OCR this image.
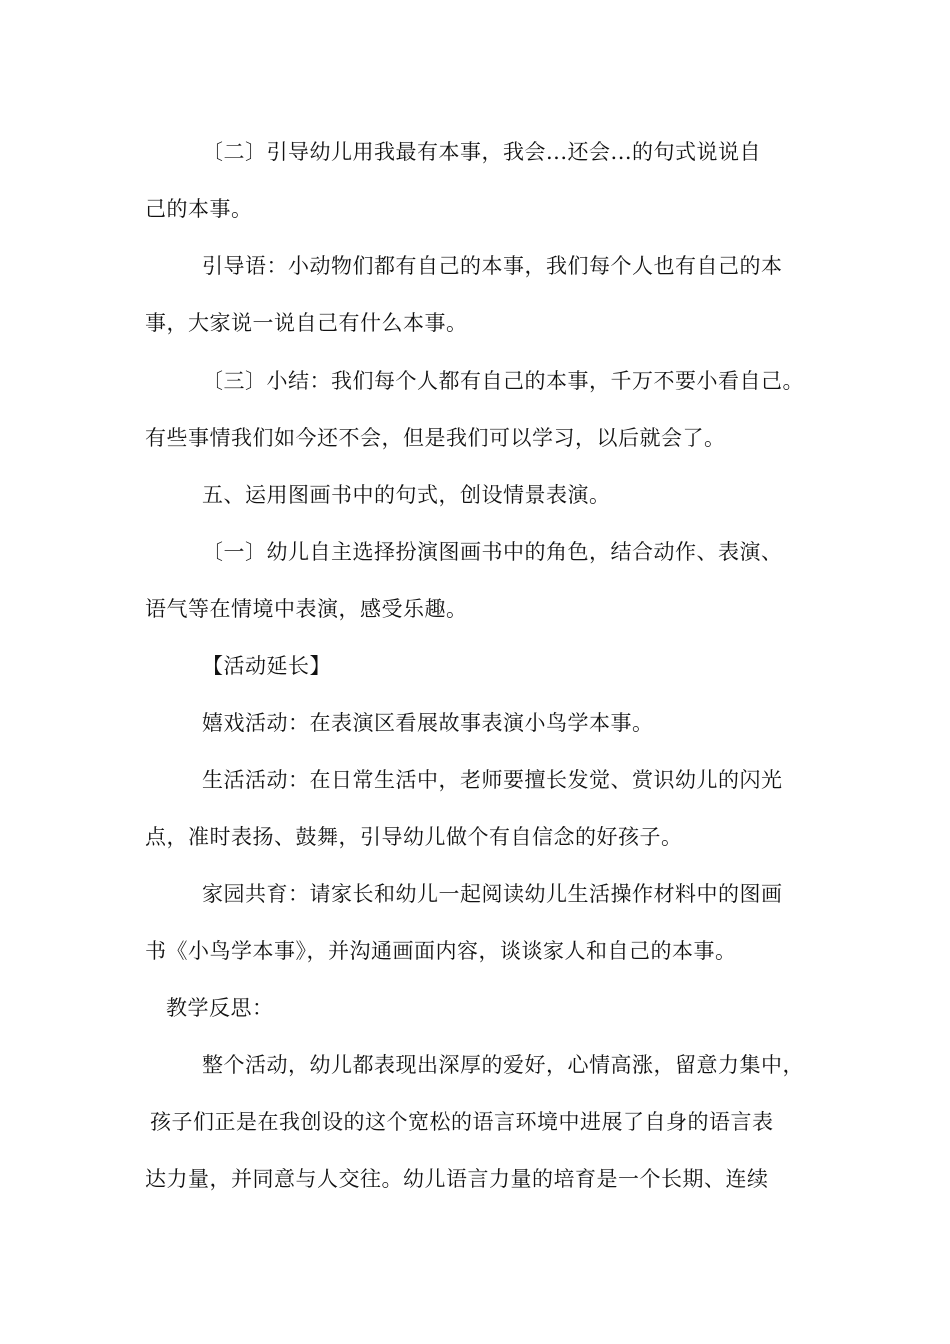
〔二〕引导幼儿用我最有本事，我会...还会...的句式说说自
己的本事。
引导语：小动物们都有自己的本事，我们每个人也有自己的本
事，大家说一说自己有什么本事。
〔三〕小结：我们每个人都有自己的本事，千万不要小看自己。
有些事情我们如今还不会，但是我们可以学习，以后就会了。
五、运用图画书中的句式，创设情景表演。
〔一〕幼儿自主选择扮演图画书中的角色，结合动作、表演、
语气等在情境中表演，感受乐趣。
【活动延长】
嬉戏活动：在表演区看展故事表演小鸟学本事。
生活活动：在日常生活中，老师要擅长发觉、赏识幼儿的闪光
点，准时表扬、鼓舞，引导幼儿做个有自信念的好孩子。
家园共育：请家长和幼儿一起阅读幼儿生活操作材料中的图画
书《小鸟学本事》，并沟通画面内容，谈谈家人和自己的本事。
教学反思：
整个活动，幼儿都表现出深厚的爱好，心情高涨，留意力集中，
孩子们正是在我创设的这个宽松的语言环境中进展了自身的语言表
达力量，并同意与人交往。幼儿语言力量的培育是一个长期、连续
